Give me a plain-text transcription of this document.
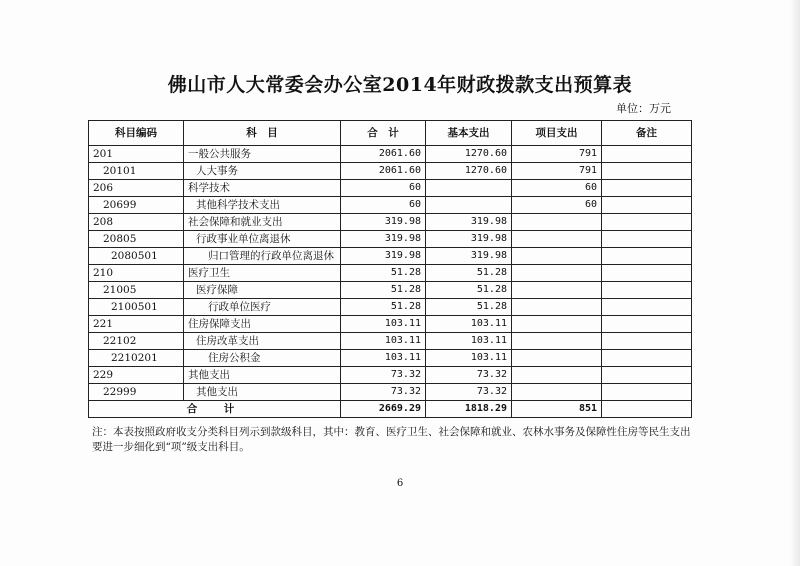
佛山市人大常委会办公室2014年财政拨款支出预算表
单位：万元
科目编码	科　目	合　计	基本支出	项目支出	备注
201	一般公共服务	2061.60	1270.60	791	
20101	人大事务	2061.60	1270.60	791	
206	科学技术	60		60	
20699	其他科学技术支出	60		60	
208	社会保障和就业支出	319.98	319.98		
20805	行政事业单位离退休	319.98	319.98		
2080501	归口管理的行政单位离退休	319.98	319.98		
210	医疗卫生	51.28	51.28		
21005	医疗保障	51.28	51.28		
2100501	行政单位医疗	51.28	51.28		
221	住房保障支出	103.11	103.11		
22102	住房改革支出	103.11	103.11		
2210201	住房公积金	103.11	103.11		
229	其他支出	73.32	73.32		
22999	其他支出	73.32	73.32		
合　计		2669.29	1818.29	851	
注：本表按照政府收支分类科目列示到款级科目，其中：教育、医疗卫生、社会保障和就业、农林水事务及保障性住房等民生支出要进一步细化到“项”级支出科目。
6
